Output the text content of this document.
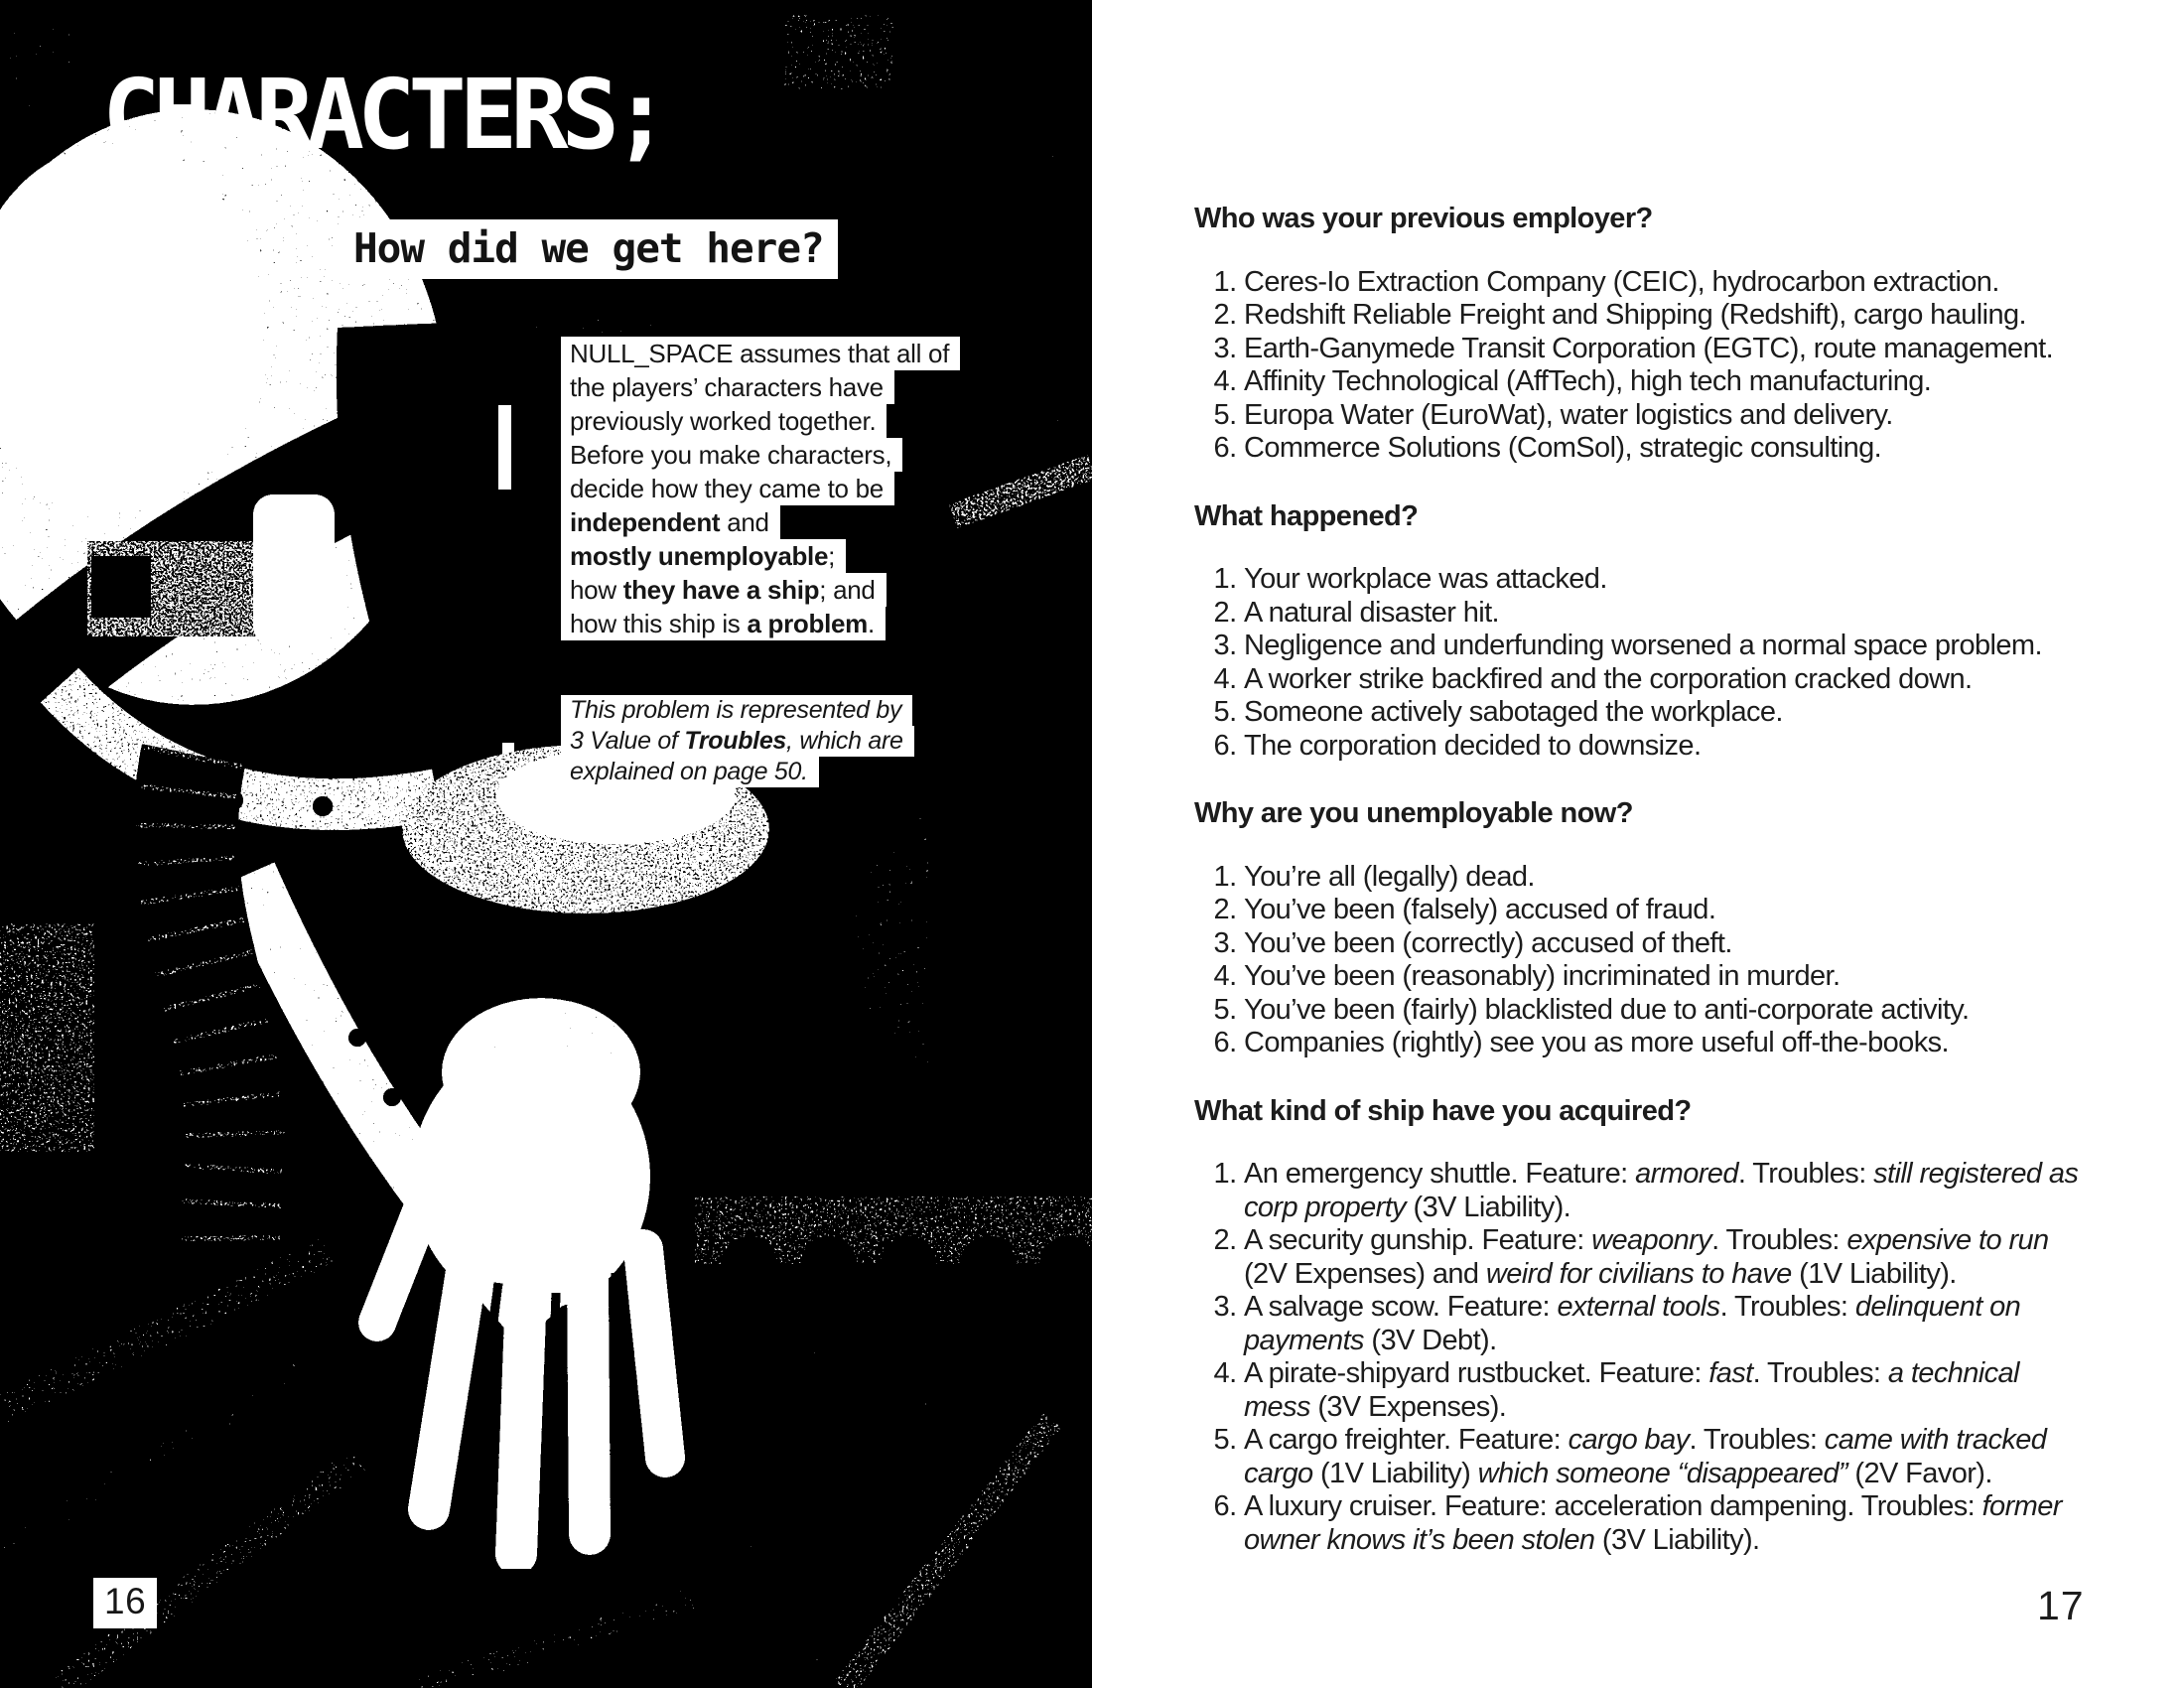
CHARACTERS;
How did we get here?
NULL_SPACE assumes that all of
the players’ characters have
previously worked together.
Before you make characters,
decide how they came to be
independent and
mostly unemployable;
how they have a ship; and
how this ship is a problem.
This problem is represented by
3 Value of Troubles, which are
explained on page 50.
16
Who was your previous employer?
1. Ceres-Io Extraction Company (CEIC), hydrocarbon extraction.
2. Redshift Reliable Freight and Shipping (Redshift), cargo hauling.
3. Earth-Ganymede Transit Corporation (EGTC), route management.
4. Affinity Technological (AffTech), high tech manufacturing.
5. Europa Water (EuroWat), water logistics and delivery.
6. Commerce Solutions (ComSol), strategic consulting.
What happened?
1. Your workplace was attacked.
2. A natural disaster hit.
3. Negligence and underfunding worsened a normal space problem.
4. A worker strike backfired and the corporation cracked down.
5. Someone actively sabotaged the workplace.
6. The corporation decided to downsize.
Why are you unemployable now?
1. You’re all (legally) dead.
2. You’ve been (falsely) accused of fraud.
3. You’ve been (correctly) accused of theft.
4. You’ve been (reasonably) incriminated in murder.
5. You’ve been (fairly) blacklisted due to anti-corporate activity.
6. Companies (rightly) see you as more useful off-the-books.
What kind of ship have you acquired?
1. An emergency shuttle. Feature: armored. Troubles: still registered as
corp property (3V Liability).
2. A security gunship. Feature: weaponry. Troubles: expensive to run
(2V Expenses) and weird for civilians to have (1V Liability).
3. A salvage scow. Feature: external tools. Troubles: delinquent on
payments (3V Debt).
4. A pirate-shipyard rustbucket. Feature: fast. Troubles: a technical
mess (3V Expenses).
5. A cargo freighter. Feature: cargo bay. Troubles: came with tracked
cargo (1V Liability) which someone “disappeared” (2V Favor).
6. A luxury cruiser. Feature: acceleration dampening. Troubles: former
owner knows it’s been stolen (3V Liability).
17
